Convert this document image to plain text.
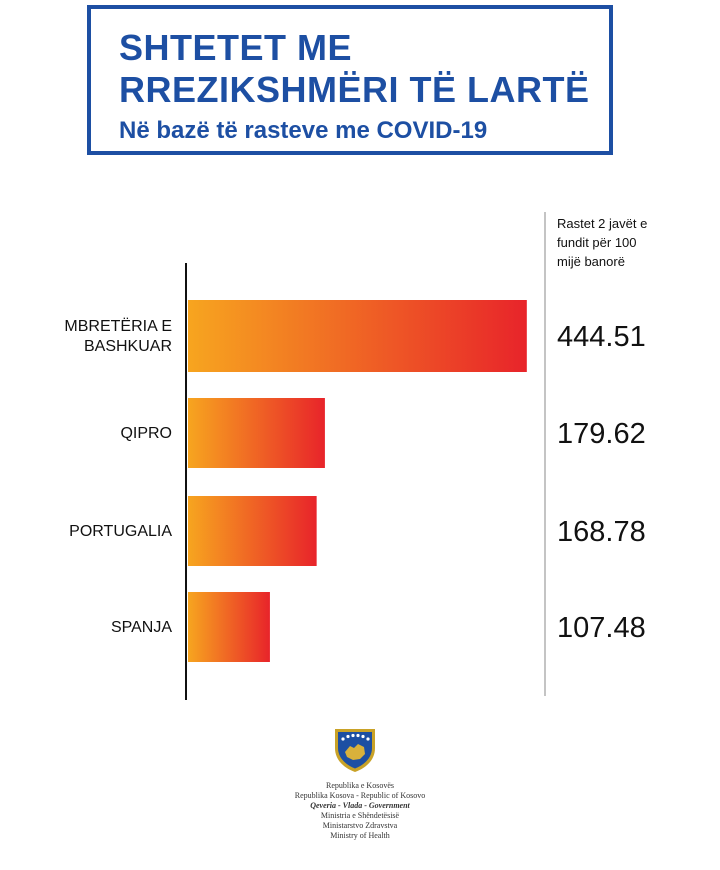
SHTETET ME
RREZIKSHMËRI TË LARTË
Në bazë të rasteve me COVID-19
Rastet 2 javët e
fundit për 100
mijë banorë
MBRETËRIA E
BASHKUAR	444.51
QIPRO	179.62
PORTUGALIA	168.78
SPANJA	107.48
Republika e Kosovës
Republika Kosova - Republic of Kosovo
Qeveria - Vlada - Government
Ministria e Shëndetësisë
Ministarstvo Zdravstva
Ministry of Health
